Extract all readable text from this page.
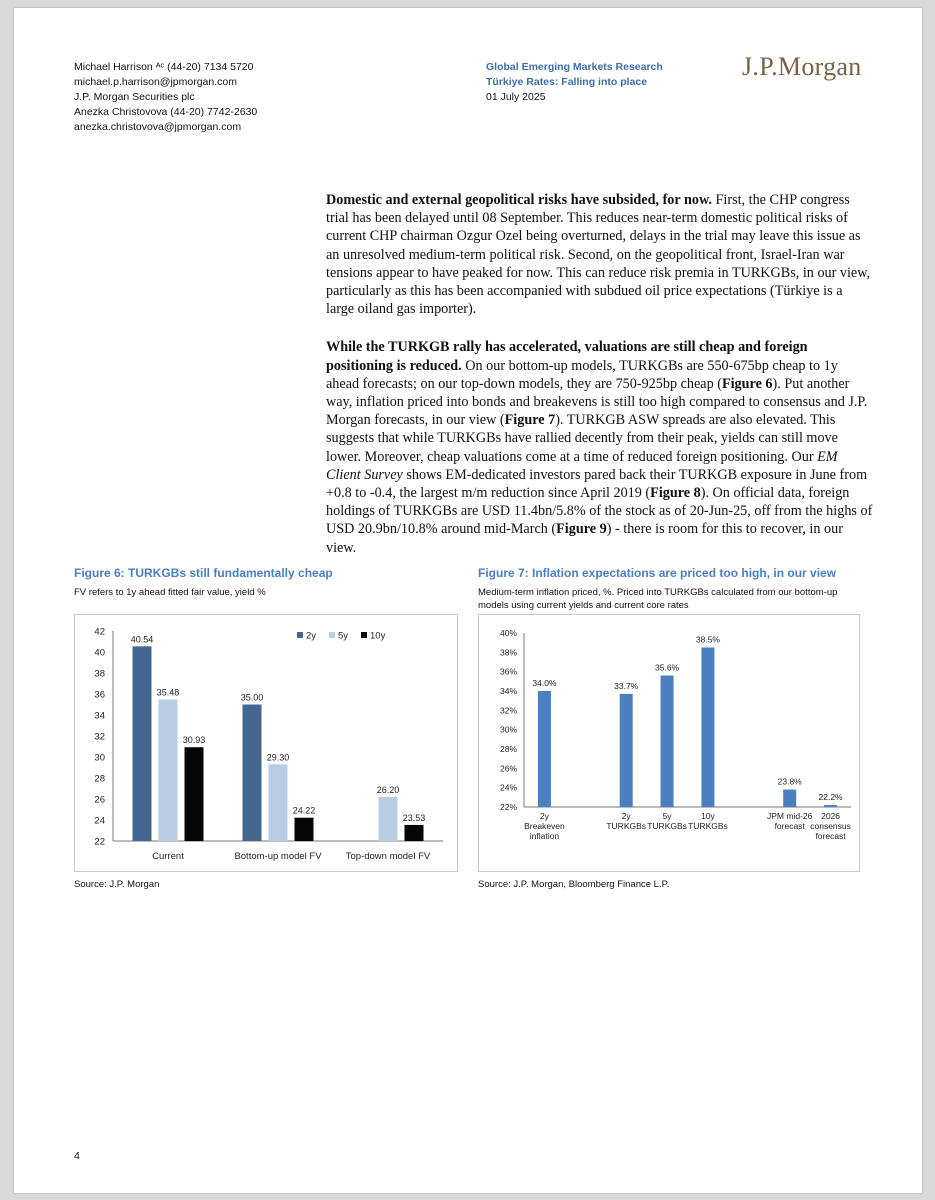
Michael Harrison ᴬᶜ (44-20) 7134 5720
michael.p.harrison@jpmorgan.com
J.P. Morgan Securities plc
Anezka Christovova (44-20) 7742-2630
anezka.christovova@jpmorgan.com
Global Emerging Markets Research
Türkiye Rates: Falling into place
01 July 2025
J.P.Morgan

Domestic and external geopolitical risks have subsided, for now. First, the CHP congress trial has been delayed until 08 September. This reduces near-term domestic political risks of current CHP chairman Ozgur Ozel being overturned, delays in the trial may leave this issue as an unresolved medium-term political risk. Second, on the geopolitical front, Israel-Iran war tensions appear to have peaked for now. This can reduce risk premia in TURKGBs, in our view, particularly as this has been accompanied with subdued oil price expectations (Türkiye is a large oiland gas importer).

While the TURKGB rally has accelerated, valuations are still cheap and foreign positioning is reduced. On our bottom-up models, TURKGBs are 550-675bp cheap to 1y ahead forecasts; on our top-down models, they are 750-925bp cheap (Figure 6). Put another way, inflation priced into bonds and breakevens is still too high compared to consensus and J.P. Morgan forecasts, in our view (Figure 7). TURKGB ASW spreads are also elevated. This suggests that while TURKGBs have rallied decently from their peak, yields can still move lower. Moreover, cheap valuations come at a time of reduced foreign positioning. Our EM Client Survey shows EM-dedicated investors pared back their TURKGB exposure in June from +0.8 to -0.4, the largest m/m reduction since April 2019 (Figure 8). On official data, foreign holdings of TURKGBs are USD 11.4bn/5.8% of the stock as of 20-Jun-25, off from the highs of USD 20.9bn/10.8% around mid-March (Figure 9) - there is room for this to recover, in our view.

Figure 6: TURKGBs still fundamentally cheap
FV refers to 1y ahead fitted fair value, yield %
22
24
26
28
30
32
34
36
38
40
42
Current
40.54
35.48
30.93
Bottom-up model FV
35.00
29.30
24.22
Top-down model FV
26.20
23.53
2y 5y 10y
Source: J.P. Morgan
Figure 7: Inflation expectations are priced too high, in our view
Medium-term inflation priced, %. Priced into TURKGBs calculated from our bottom-up models using current yields and current core rates
22%
24%
26%
28%
30%
32%
34%
36%
38%
40%
34.0%
2y
Breakeven
inflation
33.7%
2y
TURKGBs
35.6%
5y
TURKGBs
38.5%
10y
TURKGBs
23.8%
JPM mid-26
forecast
22.2%
2026
consensus
forecast
Source: J.P. Morgan, Bloomberg Finance L.P.
4
